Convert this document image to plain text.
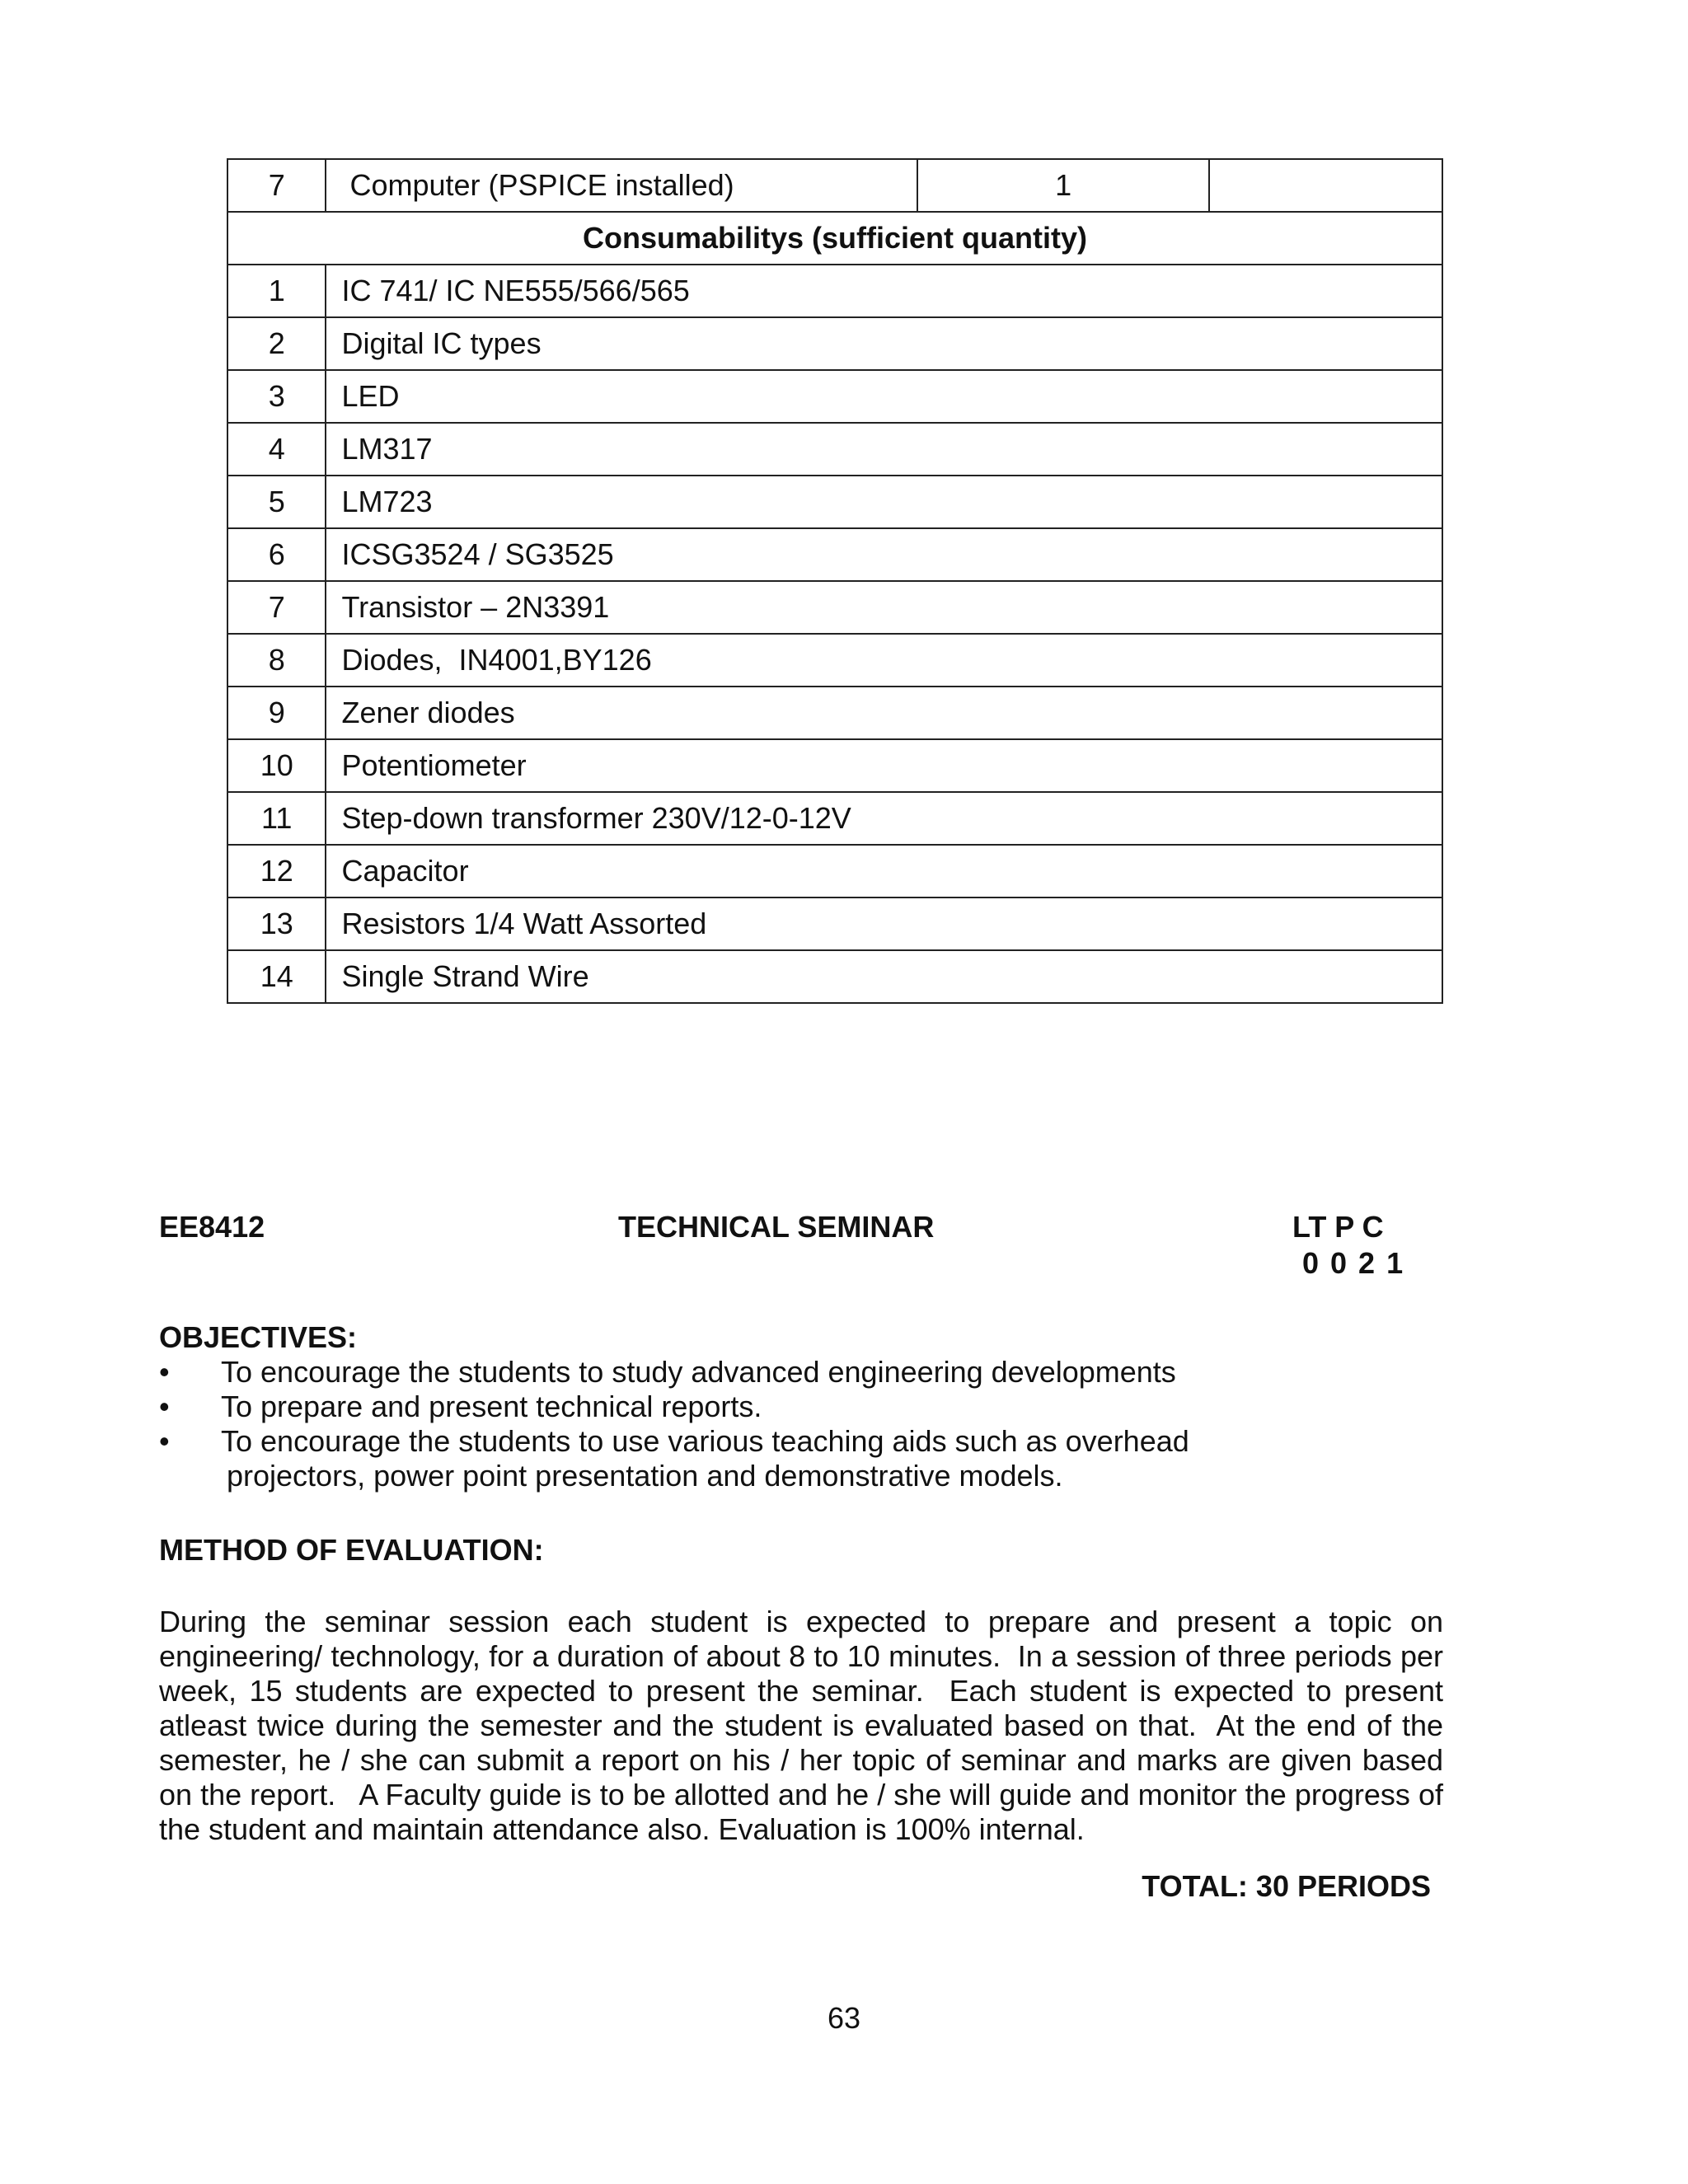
7	Computer (PSPICE installed)	1	
Consumabilitys (sufficient quantity)			
1	IC 741/ IC NE555/566/565		
2	Digital IC types		
3	LED		
4	LM317		
5	LM723		
6	ICSG3524 / SG3525		
7	Transistor – 2N3391		
8	Diodes,  IN4001,BY126		
9	Zener diodes		
10	Potentiometer		
11	Step-down transformer 230V/12-0-12V		
12	Capacitor		
13	Resistors 1/4 Watt Assorted		
14	Single Strand Wire		
EE8412	TECHNICAL SEMINAR	LT P C
0 0 2 1
OBJECTIVES:
• To encourage the students to study advanced engineering developments
• To prepare and present technical reports.
• To encourage the students to use various teaching aids such as overhead
projectors, power point presentation and demonstrative models.
METHOD OF EVALUATION:

During the seminar session each student is expected to prepare and present a topic on engineering/ technology, for a duration of about 8 to 10 minutes.  In a session of three periods per week, 15 students are expected to present the seminar.  Each student is expected to present atleast twice during the semester and the student is evaluated based on that.  At the end of the semester, he / she can submit a report on his / her topic of seminar and marks are given based on the report.   A Faculty guide is to be allotted and he / she will guide and monitor the progress of the student and maintain attendance also. Evaluation is 100% internal.

TOTAL: 30 PERIODS
63
